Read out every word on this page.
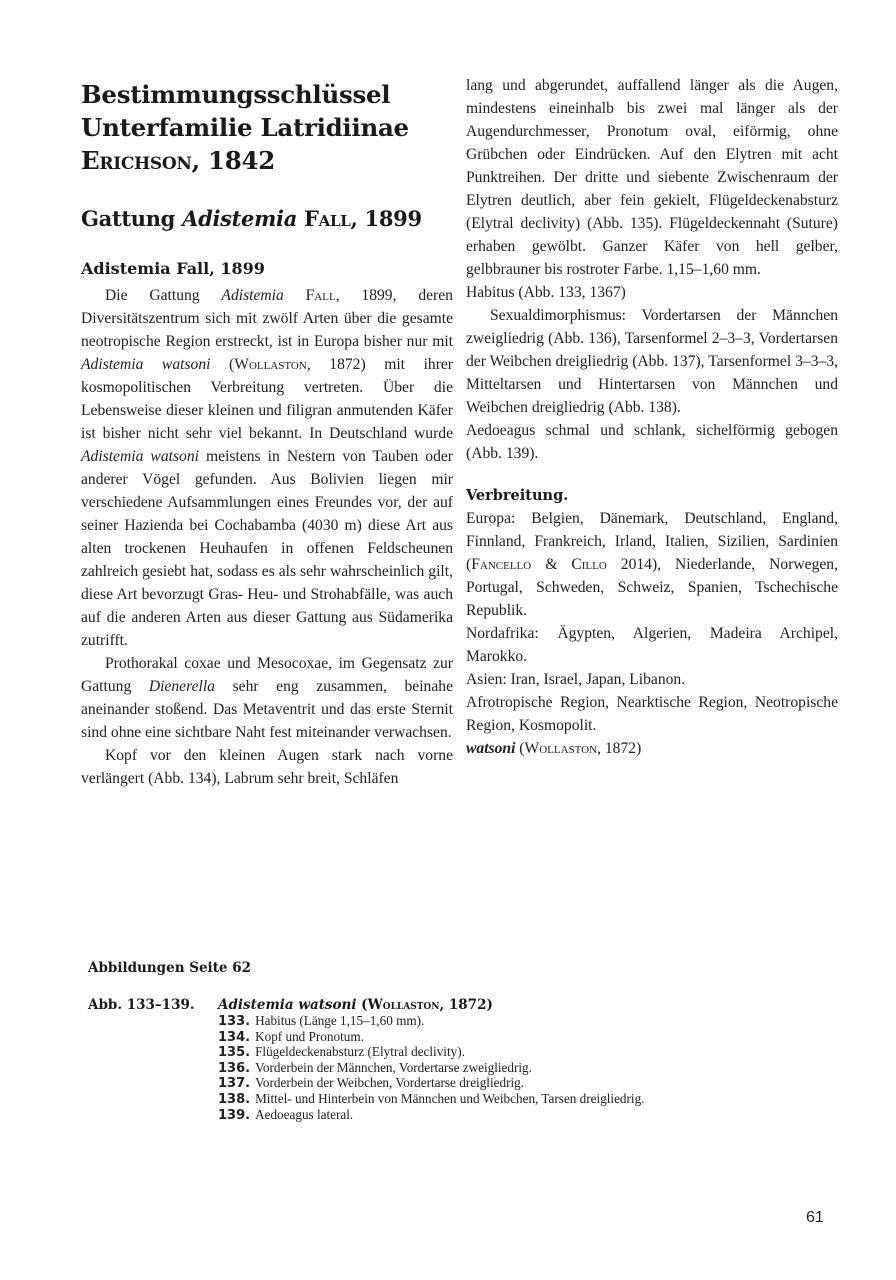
Bestimmungsschlüssel
Unterfamilie Latridiinae
Erichson, 1842
Gattung Adistemia Fall, 1899
Adistemia Fall, 1899

Die Gattung Adistemia Fall, 1899, deren Diversitätszentrum sich mit zwölf Arten über die gesamte neotropische Region erstreckt, ist in Europa bisher nur mit Adistemia watsoni (Wollaston, 1872) mit ihrer kosmopolitischen Verbreitung vertreten. Über die Lebensweise dieser kleinen und filigran anmutenden Käfer ist bisher nicht sehr viel bekannt. In Deutschland wurde Adistemia watsoni meistens in Nestern von Tauben oder anderer Vögel gefunden. Aus Bolivien liegen mir verschiedene Aufsammlungen eines Freundes vor, der auf seiner Hazienda bei Cochabamba (4030 m) diese Art aus alten trockenen Heuhaufen in offenen Feldscheunen zahlreich gesiebt hat, sodass es als sehr wahrscheinlich gilt, diese Art bevorzugt Gras- Heu- und Strohabfälle, was auch auf die anderen Arten aus dieser Gattung aus Südamerika zutrifft.

Prothorakal coxae und Mesocoxae, im Gegensatz zur Gattung Dienerella sehr eng zusammen, beinahe aneinander stoßend. Das Metaventrit und das erste Sternit sind ohne eine sichtbare Naht fest miteinander verwachsen.

Kopf vor den kleinen Augen stark nach vorne verlängert (Abb. 134), Labrum sehr breit, Schläfen

lang und abgerundet, auffallend länger als die Augen, mindestens eineinhalb bis zwei mal länger als der Augendurchmesser, Pronotum oval, eiförmig, ohne Grübchen oder Eindrücken. Auf den Elytren mit acht Punktreihen. Der dritte und siebente Zwischenraum der Elytren deutlich, aber fein gekielt, Flügeldeckenabsturz (Elytral declivity) (Abb. 135). Flügeldeckennaht (Suture) erhaben gewölbt. Ganzer Käfer von hell gelber, gelbbrauner bis rostroter Farbe. 1,15–1,60 mm.

Habitus (Abb. 133, 1367)

Sexualdimorphismus: Vordertarsen der Männchen zweigliedrig (Abb. 136), Tarsenformel 2–3–3, Vordertarsen der Weibchen dreigliedrig (Abb. 137), Tarsenformel 3–3–3, Mitteltarsen und Hintertarsen von Männchen und Weibchen dreigliedrig (Abb. 138).

Aedoeagus schmal und schlank, sichelförmig gebogen (Abb. 139).

Verbreitung.

Europa: Belgien, Dänemark, Deutschland, England, Finnland, Frankreich, Irland, Italien, Sizilien, Sardinien (Fancello & Cillo 2014), Niederlande, Norwegen, Portugal, Schweden, Schweiz, Spanien, Tschechische Republik.

Nordafrika: Ägypten, Algerien, Madeira Archipel, Marokko.

Asien: Iran, Israel, Japan, Libanon.

Afrotropische Region, Nearktische Region, Neotropische Region, Kosmopolit.

watsoni (Wollaston, 1872)

Abbildungen Seite 62

Abb. 133–139.	Adistemia watsoni (Wollaston, 1872)
133. Habitus (Länge 1,15–1,60 mm).
134. Kopf und Pronotum.
135. Flügeldeckenabsturz (Elytral declivity).
136. Vorderbein der Männchen, Vordertarse zweigliedrig.
137. Vorderbein der Weibchen, Vordertarse dreigliedrig.
138. Mittel- und Hinterbein von Männchen und Weibchen, Tarsen dreigliedrig.
139. Aedoeagus lateral.
61
